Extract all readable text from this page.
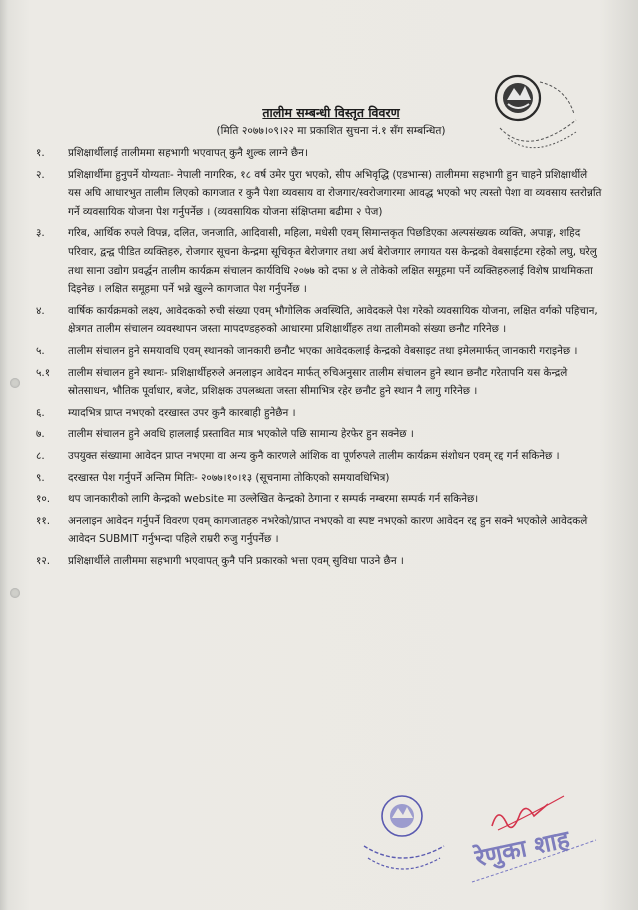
तालीम सम्बन्धी विस्तृत विवरण
(मिति २०७७।०९।२२ मा प्रकाशित सुचना नं.१ सँग सम्बन्धित)
१. प्रशिक्षार्थीलाई तालीममा सहभागी भएवापत् कुनै शुल्क लाग्ने छैन।
२. प्रशिक्षार्थीमा हुनुपर्ने योग्यताः- नेपाली नागरिक, १८ वर्ष उमेर पुरा भएको, सीप अभिवृद्धि (एडभान्स) तालीममा सहभागी हुन चाहने प्रशिक्षार्थीले यस अघि आधारभुत तालीम लिएको कागजात र कुनै पेशा व्यवसाय वा रोजगार/स्वरोजगारमा आवद्ध भएको भए त्यस्तो पेशा वा व्यवसाय स्तरोन्नति गर्ने व्यवसायिक योजना पेश गर्नुपर्नेछ । (व्यवसायिक योजना संक्षिप्तमा बढीमा २ पेज)
३. गरिब, आर्थिक रुपले विपन्न, दलित, जनजाति, आदिवासी, महिला, मधेसी एवम् सिमान्तकृत पिछडिएका अल्पसंख्यक व्यक्ति, अपाङ्ग, शहिद परिवार, द्वन्द्व पीडित व्यक्तिहरु, रोजगार सूचना केन्द्रमा सूचिकृत बेरोजगार तथा अर्ध बेरोजगार लगायत यस केन्द्रको वेबसाईटमा रहेको लघु, घरेलु तथा साना उद्योग प्रवर्द्धन तालीम कार्यक्रम संचालन कार्यविधि २०७७ को दफा ४ ले तोकेको लक्षित समूहमा पर्ने व्यक्तिहरुलाई विशेष प्राथमिकता दिइनेछ । लक्षित समूहमा पर्ने भन्ने खुल्ने कागजात पेश गर्नुपर्नेछ ।
४. वार्षिक कार्यक्रमको लक्ष्य, आवेदकको रुची संख्या एवम् भौगोलिक अवस्थिति, आवेदकले पेश गरेको व्यवसायिक योजना, लक्षित वर्गको पहिचान, क्षेत्रगत तालीम संचालन व्यवस्थापन जस्ता मापदण्डहरुको आधारमा प्रशिक्षार्थीहरु तथा तालीमको संख्या छनौट गरिनेछ ।
५. तालीम संचालन हुने समयावधि एवम् स्थानको जानकारी छनौट भएका आवेदकलाई केन्द्रको वेबसाइट तथा इमेलमार्फत् जानकारी गराइनेछ ।
५.१ तालीम संचालन हुने स्थानः- प्रशिक्षार्थीहरुले अनलाइन आवेदन मार्फत् रुचिअनुसार तालीम संचालन हुने स्थान छनौट गरेतापनि यस केन्द्रले स्रोतसाधन, भौतिक पूर्वाधार, बजेट, प्रशिक्षक उपलब्धता जस्ता सीमाभित्र रहेर छनौट हुने स्थान नै लागु गरिनेछ ।
६. म्यादभित्र प्राप्त नभएको दरखास्त उपर कुनै कारबाही हुनेछैन ।
७. तालीम संचालन हुने अवधि हाललाई प्रस्तावित मात्र भएकोले पछि सामान्य हेरफेर हुन सक्नेछ ।
८. उपयुक्त संख्यामा आवेदन प्राप्त नभएमा वा अन्य कुनै कारणले आंशिक वा पूर्णरुपले तालीम कार्यक्रम संशोधन एवम् रद्द गर्न सकिनेछ ।
९. दरखास्त पेश गर्नुपर्ने अन्तिम मितिः- २०७७।१०।१३ (सूचनामा तोकिएको समयावधिभित्र)
१०. थप जानकारीको लागि केन्द्रको website मा उल्लेखित केन्द्रको ठेगाना र सम्पर्क नम्बरमा सम्पर्क गर्न सकिनेछ।
११. अनलाइन आवेदन गर्नुपर्ने विवरण एवम् कागजातहरु नभरेको/प्राप्त नभएको वा स्पष्ट नभएको कारण आवेदन रद्द हुन सक्ने भएकोले आवेदकले आवेदन SUBMIT गर्नुभन्दा पहिले राम्ररी रुजु गर्नुपर्नेछ ।
१२. प्रशिक्षार्थीले तालीममा सहभागी भएवापत् कुनै पनि प्रकारको भत्ता एवम् सुविधा पाउने छैन ।
रेणुका शाह
